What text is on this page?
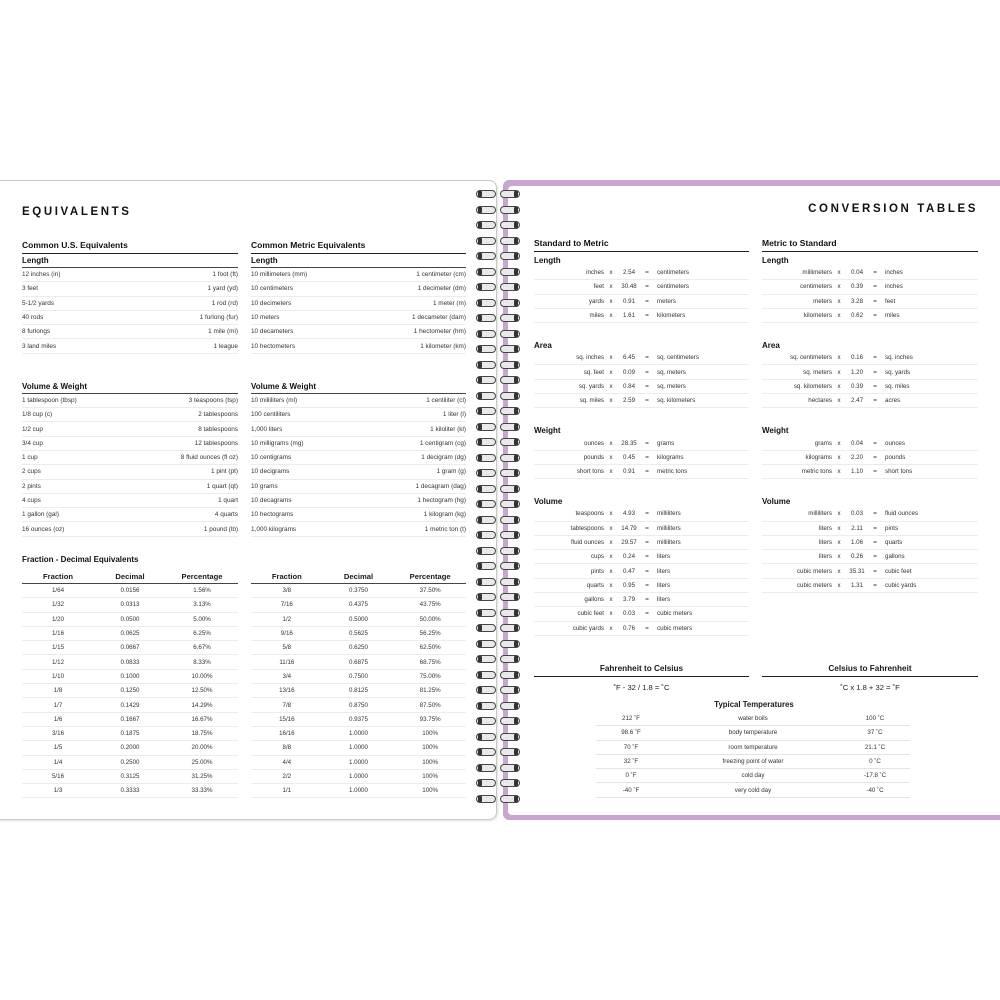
EQUIVALENTS
Common U.S. Equivalents
Length
12 inches (in)	1 foot (ft)
3 feet	1 yard (yd)
5-1/2 yards	1 rod (rd)
40 rods	1 furlong (fur)
8 furlongs	1 mile (mi)
3 land miles	1 league
Volume & Weight
1 tablespoon (tbsp)	3 teaspoons (tsp)
1/8 cup (c)	2 tablespoons
1/2 cup	8 tablespoons
3/4 cup	12 tablespoons
1 cup	8 fluid ounces (fl oz)
2 cups	1 pint (pt)
2 pints	1 quart (qt)
4 cups	1 quart
1 gallon (gal)	4 quarts
16 ounces (oz)	1 pound (lb)
Common Metric Equivalents
Length
10 millimeters (mm)	1 centimeter (cm)
10 centimeters	1 decimeter (dm)
10 decimeters	1 meter (m)
10 meters	1 decameter (dam)
10 decameters	1 hectometer (hm)
10 hectometers	1 kilometer (km)
Volume & Weight
10 milliliters (ml)	1 centiliter (cl)
100 centiliters	1 liter (l)
1,000 liters	1 kiloliter (kl)
10 milligrams (mg)	1 centigram (cg)
10 centigrams	1 decigram (dg)
10 decigrams	1 gram (g)
10 grams	1 decagram (dag)
10 decagrams	1 hectogram (hg)
10 hectograms	1 kilogram (kg)
1,000 kilograms	1 metric ton (t)
Fraction - Decimal Equivalents
Fraction	Decimal	Percentage
1/64	0.0156	1.56%
1/32	0.0313	3.13%
1/20	0.0500	5.00%
1/16	0.0625	6.25%
1/15	0.0667	6.67%
1/12	0.0833	8.33%
1/10	0.1000	10.00%
1/8	0.1250	12.50%
1/7	0.1429	14.29%
1/6	0.1667	16.67%
3/16	0.1875	18.75%
1/5	0.2000	20.00%
1/4	0.2500	25.00%
5/16	0.3125	31.25%
1/3	0.3333	33.33%
Fraction	Decimal	Percentage
3/8	0.3750	37.50%
7/16	0.4375	43.75%
1/2	0.5000	50.00%
9/16	0.5625	56.25%
5/8	0.6250	62.50%
11/16	0.6875	68.75%
3/4	0.7500	75.00%
13/16	0.8125	81.25%
7/8	0.8750	87.50%
15/16	0.9375	93.75%
16/16	1.0000	100%
8/8	1.0000	100%
4/4	1.0000	100%
2/2	1.0000	100%
1/1	1.0000	100%
CONVERSION TABLES
Standard to Metric
Length
inches x	2.54	=	centimeters
feet x	30.48	=	centimeters
yards x	0.91	=	meters
miles x	1.61	=	kilometers
Area
sq. inches x	6.45	=	sq. centimeters
sq. feet x	0.09	=	sq. meters
sq. yards x	0.84	=	sq. meters
sq. miles x	2.59	=	sq. kilometers
Weight
ounces x	28.35	=	grams
pounds x	0.45	=	kilograms
short tons x	0.91	=	metric tons
Volume
teaspoons x	4.93	=	milliliters
tablespoons x	14.79	=	milliliters
fluid ounces x	29.57	=	milliliters
cups x	0.24	=	liters
pints x	0.47	=	liters
quarts x	0.95	=	liters
gallons x	3.79	=	liters
cubic feet x	0.03	=	cubic meters
cubic yards x	0.76	=	cubic meters
Metric to Standard
Length
millimeters x	0.04	=	inches
centimeters x	0.39	=	inches
meters x	3.28	=	feet
kilometers x	0.62	=	miles
Area
sq. centimeters x	0.16	=	sq. inches
sq. meters x	1.20	=	sq. yards
sq. kilometers x	0.39	=	sq. miles
hectares x	2.47	=	acres
Weight
grams x	0.04	=	ounces
kilograms x	2.20	=	pounds
metric tons x	1.10	=	short tons
Volume
milliliters x	0.03	=	fluid ounces
liters x	2.11	=	pints
liters x	1.06	=	quarts
liters x	0.26	=	gallons
cubic meters x	35.31	=	cubic feet
cubic meters x	1.31	=	cubic yards
Fahrenheit to Celsius
˚F - 32 / 1.8 = ˚C
Celsius to Fahrenheit
˚C x 1.8 + 32 = ˚F
Typical Temperatures
212 ˚F	water boils	100 ˚C
98.6 ˚F	body temperature	37 ˚C
70 ˚F	room temperature	21.1 ˚C
32 ˚F	freezing point of water	0 ˚C
0 ˚F	cold day	-17.8 ˚C
-40 ˚F	very cold day	-40 ˚C
